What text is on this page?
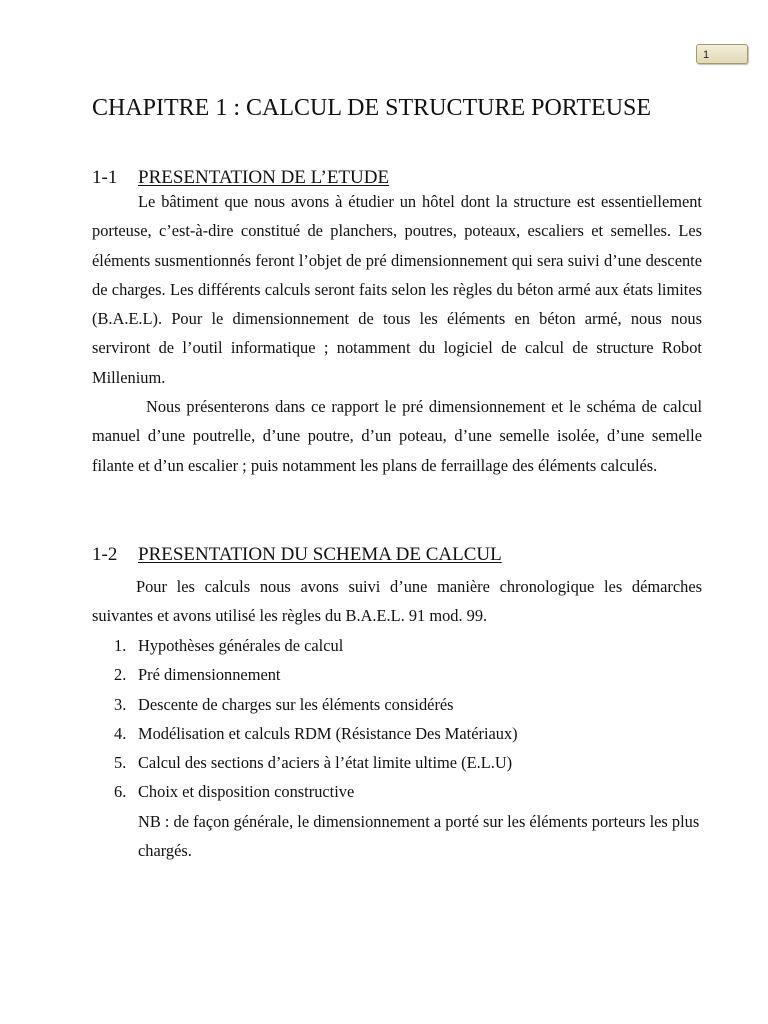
1
CHAPITRE 1 : CALCUL DE STRUCTURE PORTEUSE
1-1 PRESENTATION DE L’ETUDE

Le bâtiment que nous avons à étudier un hôtel dont la structure est essentiellement porteuse, c’est-à-dire constitué de planchers, poutres, poteaux, escaliers et semelles. Les éléments susmentionnés feront l’objet de pré dimensionnement qui sera suivi d’une descente de charges. Les différents calculs seront faits selon les règles du béton armé aux états limites (B.A.E.L). Pour le dimensionnement de tous les éléments en béton armé, nous nous serviront de l’outil informatique ; notamment du logiciel de calcul de structure Robot Millenium.

Nous présenterons dans ce rapport le pré dimensionnement et le schéma de calcul manuel d’une poutrelle, d’une poutre, d’un poteau, d’une semelle isolée, d’une semelle filante et d’un escalier ; puis notamment les plans de ferraillage des éléments calculés.

1-2 PRESENTATION DU SCHEMA DE CALCUL

Pour les calculs nous avons suivi d’une manière chronologique les démarches suivantes et avons utilisé les règles du B.A.E.L. 91 mod. 99.

1. Hypothèses générales de calcul
2. Pré dimensionnement
3. Descente de charges sur les éléments considérés
4. Modélisation et calculs RDM (Résistance Des Matériaux)
5. Calcul des sections d’aciers à l’état limite ultime (E.L.U)
6. Choix et disposition constructive

NB : de façon générale, le dimensionnement a porté sur les éléments porteurs les plus chargés.
